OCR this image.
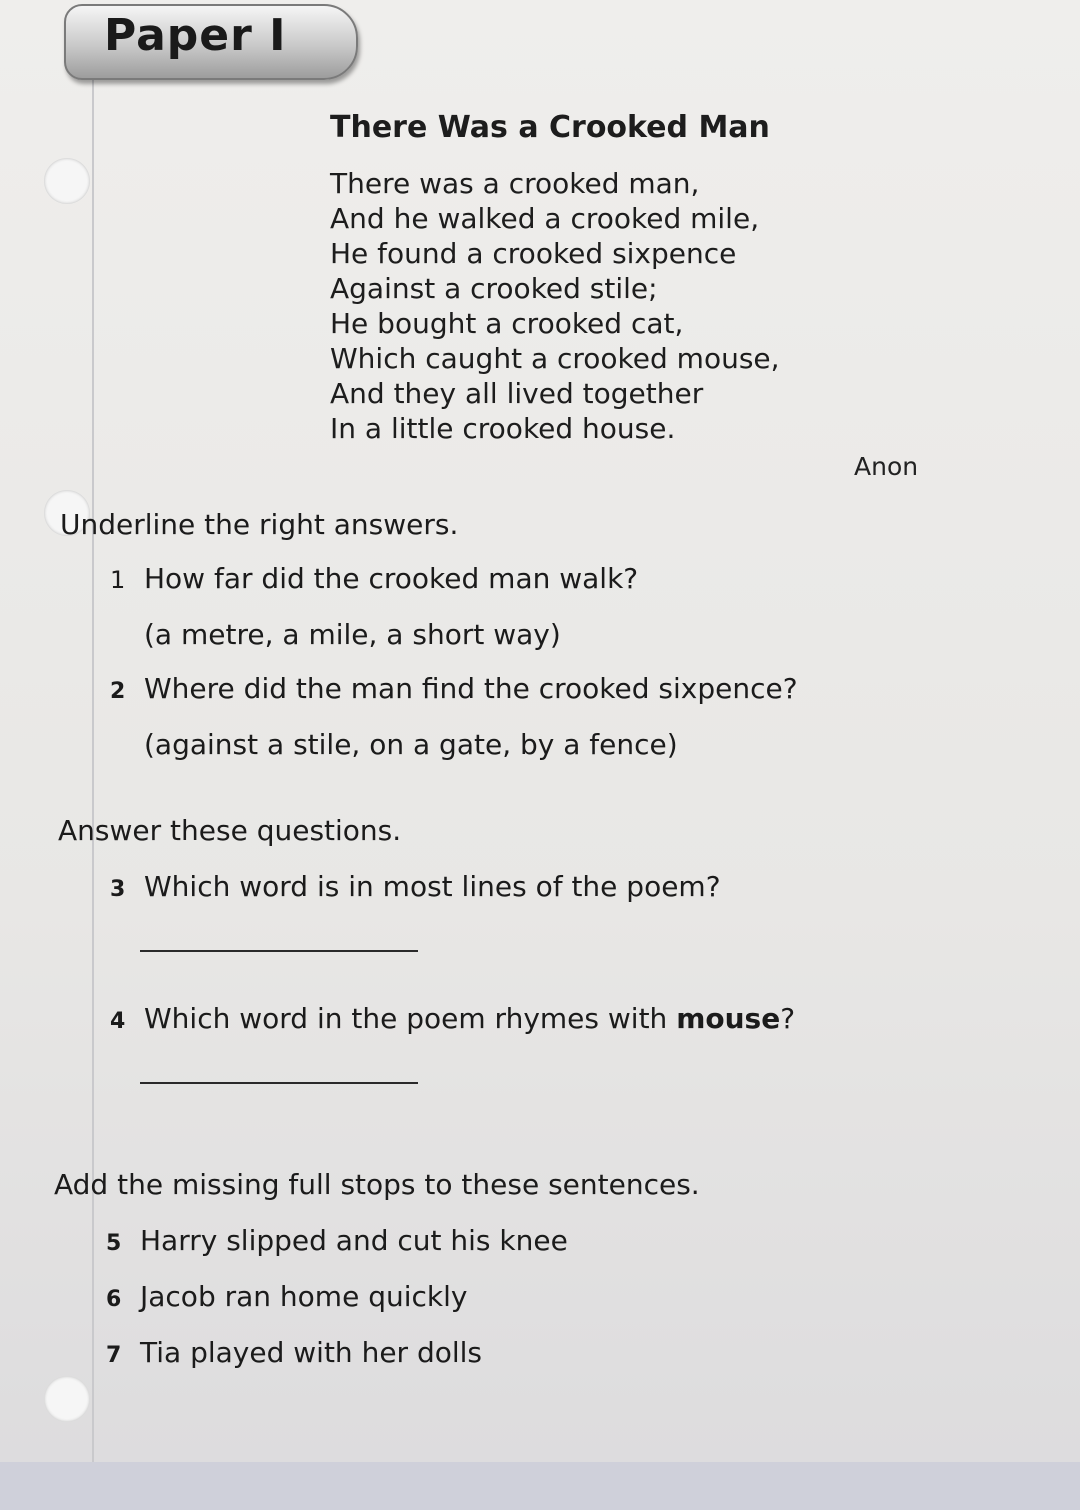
Paper I
There Was a Crooked Man
There was a crooked man,
And he walked a crooked mile,
He found a crooked sixpence
Against a crooked stile;
He bought a crooked cat,
Which caught a crooked mouse,
And they all lived together
In a little crooked house.
Anon
Underline the right answers.
1 How far did the crooked man walk?
(a metre, a mile, a short way)
2 Where did the man find the crooked sixpence?
(against a stile, on a gate, by a fence)
Answer these questions.
3 Which word is in most lines of the poem?
4 Which word in the poem rhymes with mouse?
Add the missing full stops to these sentences.
5 Harry slipped and cut his knee
6 Jacob ran home quickly
7 Tia played with her dolls
